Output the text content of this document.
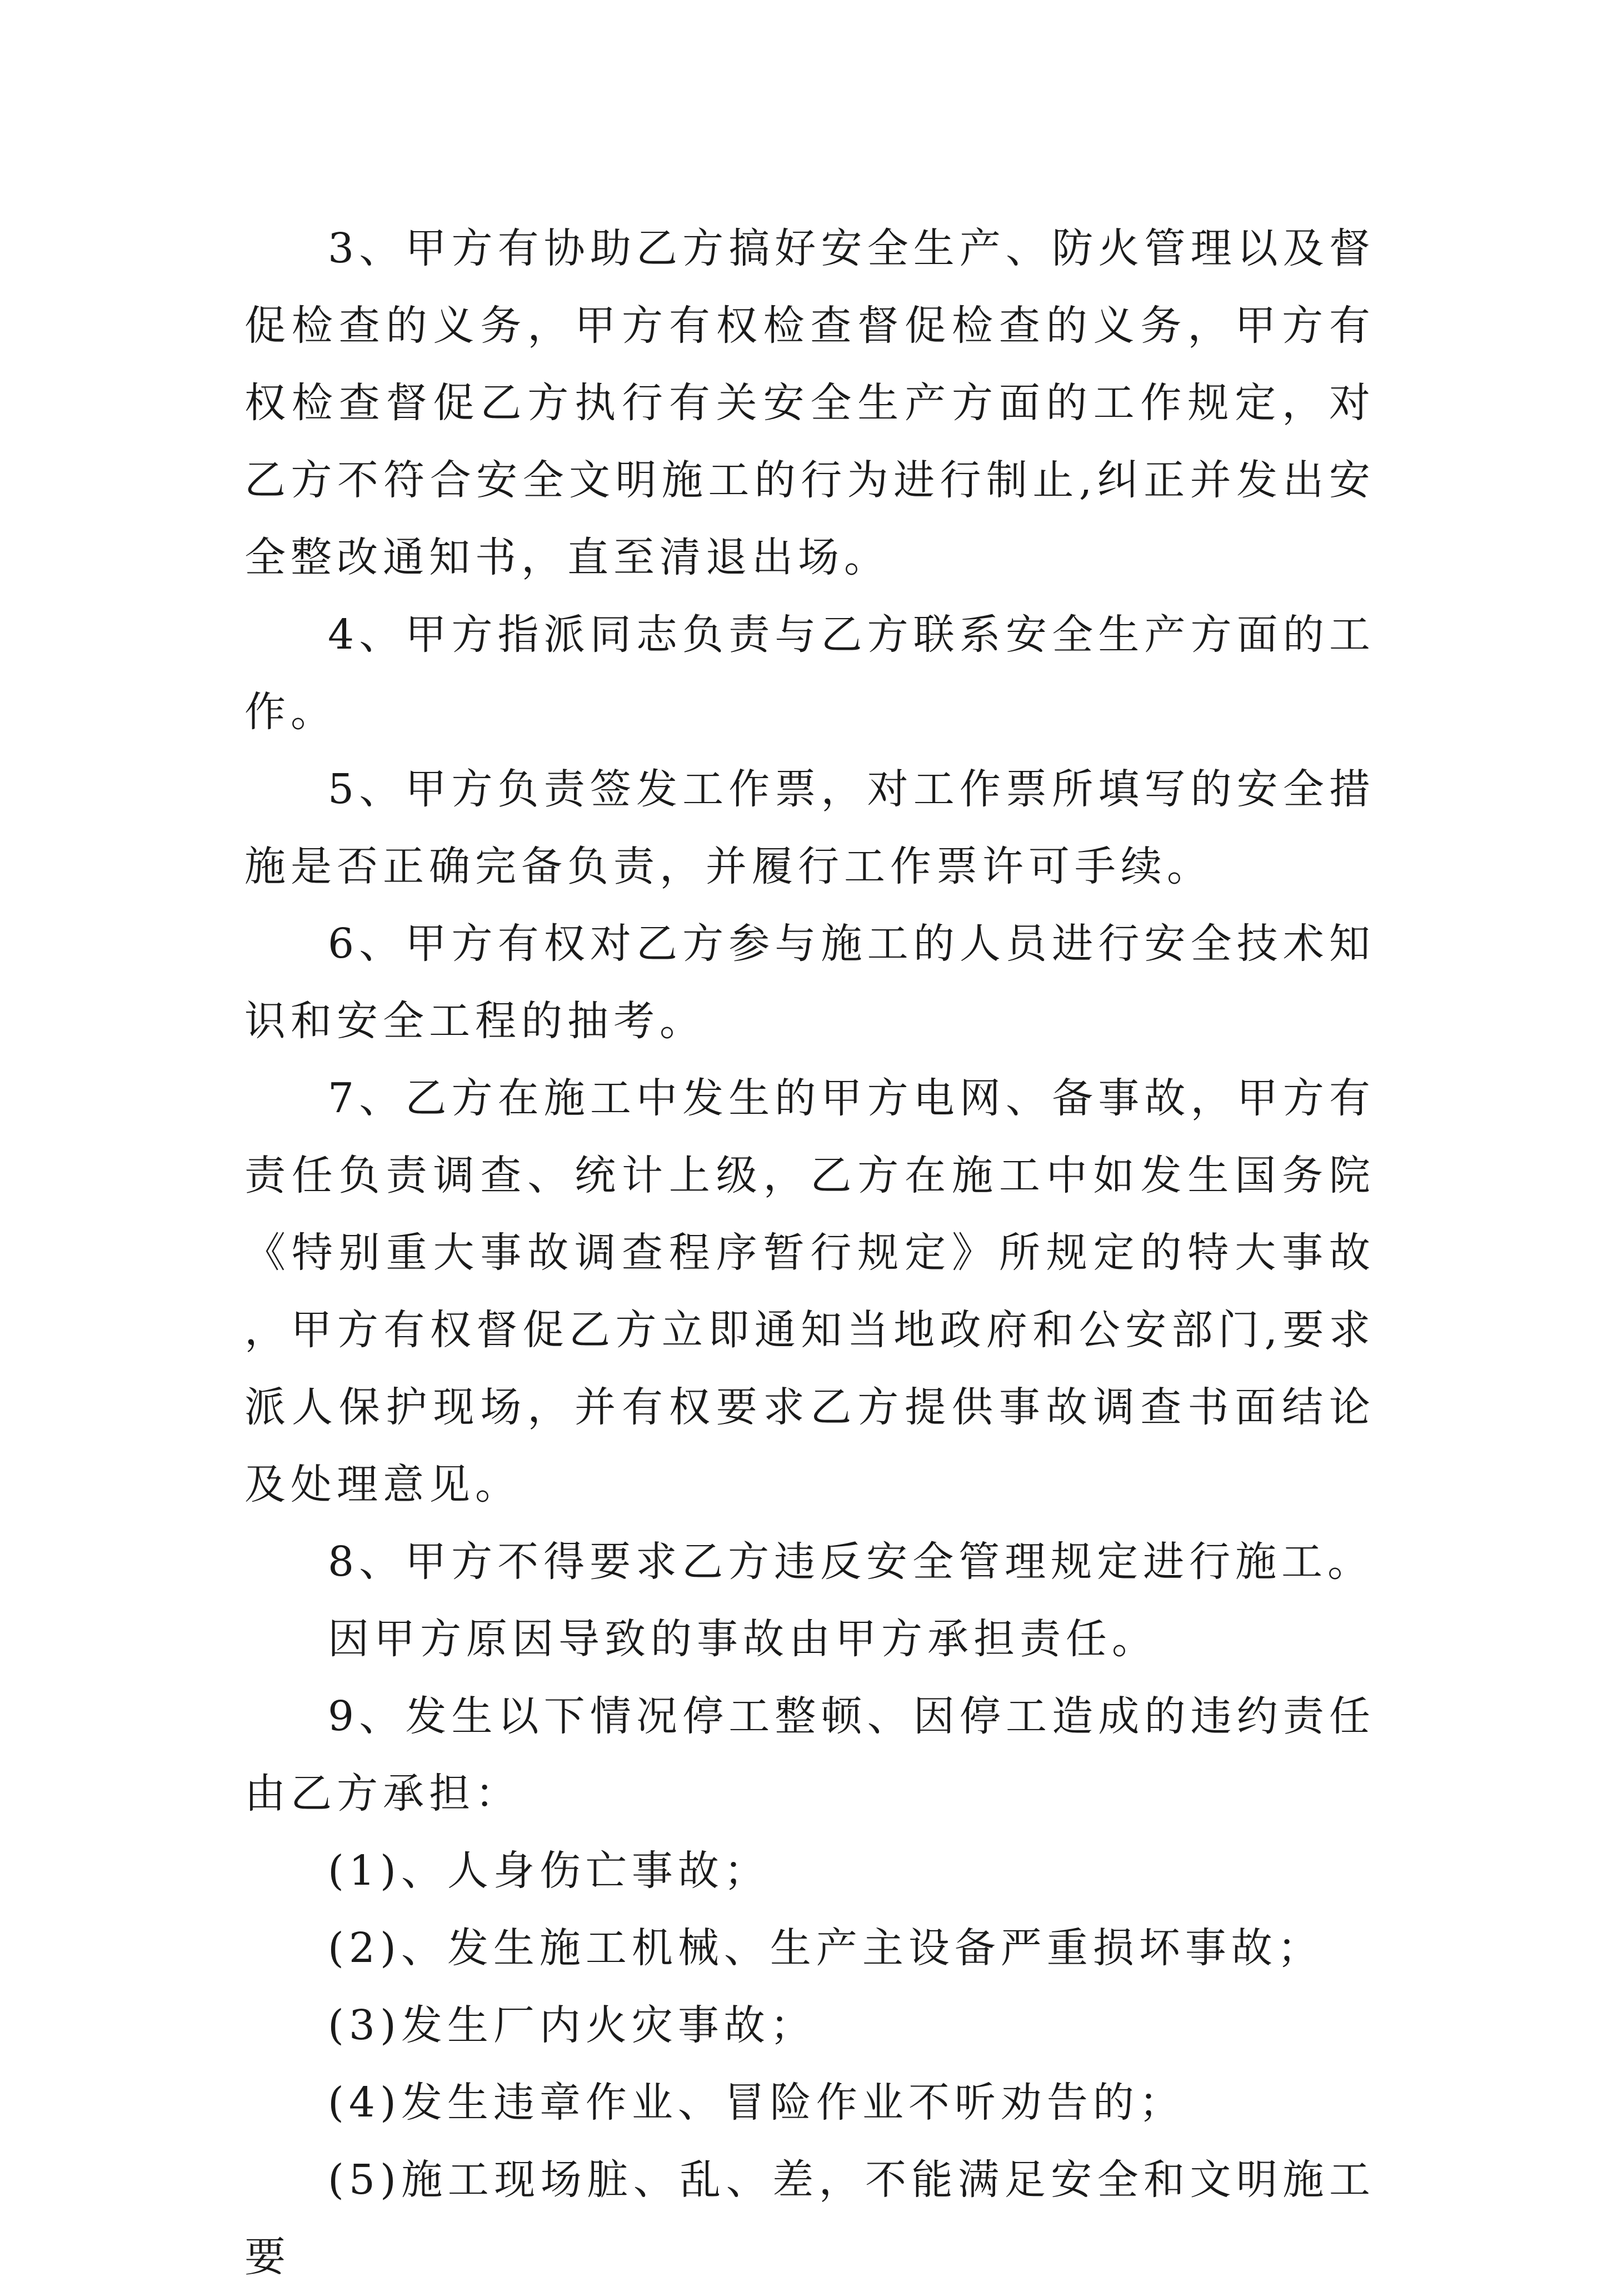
3、甲方有协助乙方搞好安全生产、防火管理以及督促检查的义务，甲方有权检查督促检查的义务，甲方有权检查督促乙方执行有关安全生产方面的工作规定，对乙方不符合安全文明施工的行为进行制止,纠正并发出安全整改通知书，直至清退出场。

4、甲方指派同志负责与乙方联系安全生产方面的工作。

5、甲方负责签发工作票，对工作票所填写的安全措施是否正确完备负责，并履行工作票许可手续。

6、甲方有权对乙方参与施工的人员进行安全技术知识和安全工程的抽考。

7、乙方在施工中发生的甲方电网、备事故，甲方有责任负责调查、统计上级，乙方在施工中如发生国务院《特别重大事故调查程序暂行规定》所规定的特大事故，甲方有权督促乙方立即通知当地政府和公安部门,要求派人保护现场，并有权要求乙方提供事故调查书面结论及处理意见。

8、甲方不得要求乙方违反安全管理规定进行施工。

因甲方原因导致的事故由甲方承担责任。

9、发生以下情况停工整顿、因停工造成的违约责任由乙方承担：

(1)、人身伤亡事故；

(2)、发生施工机械、生产主设备严重损坏事故；

(3)发生厂内火灾事故；

(4)发生违章作业、冒险作业不听劝告的；

(5)施工现场脏、乱、差，不能满足安全和文明施工要
